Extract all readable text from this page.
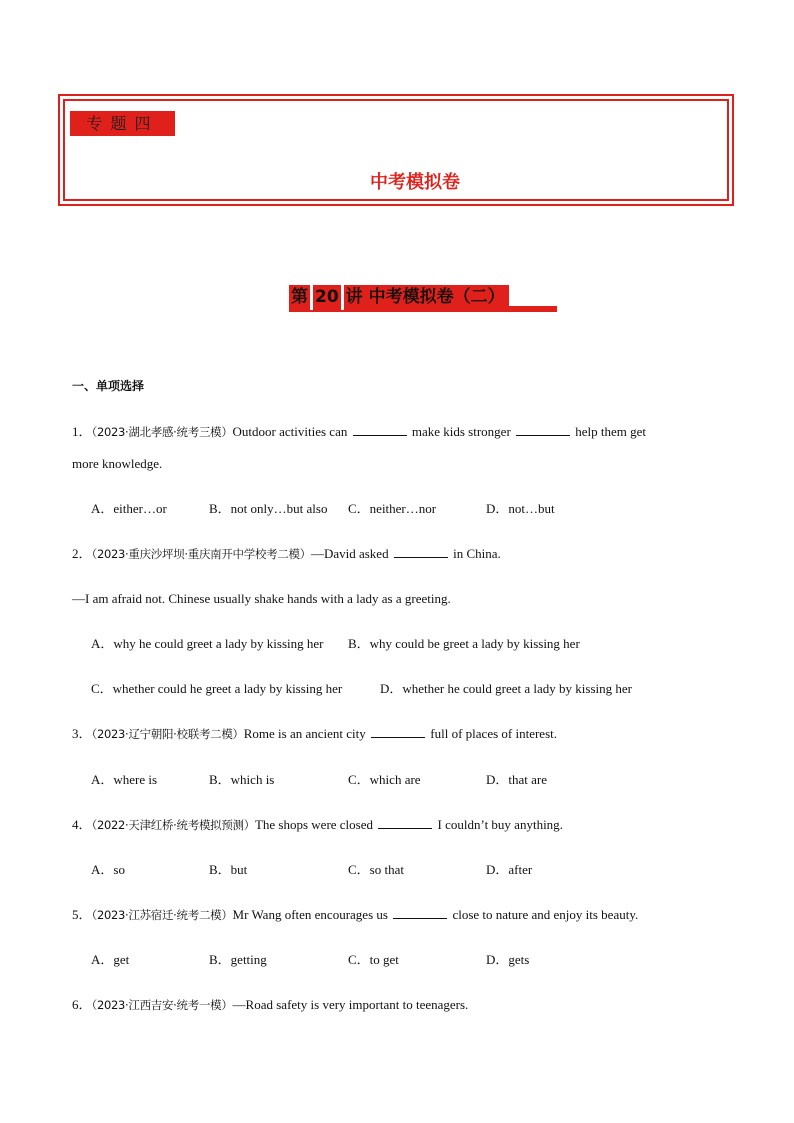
专题四
中考模拟卷
第 20 讲 中考模拟卷（二）
一、单项选择
1．（2023·湖北孝感·统考三模）Outdoor activities can	make kids stronger	help them get
more knowledge.
A．either…or	B．not only…but also C．neither…nor	D．not…but
2．（2023·重庆沙坪坝·重庆南开中学校考二模）—David asked	in China.
—I am afraid not. Chinese usually shake hands with a lady as a greeting.
A．why he could greet a lady by kissing her B．why could be greet a lady by kissing her
C．whether could he greet a lady by kissing her	D．whether he could greet a lady by kissing her
3．（2023·辽宁朝阳·校联考二模）Rome is an ancient city	full of places of interest.
A．where is	B．which is	C．which are	D．that are
4．（2022·天津红桥·统考模拟预测）The shops were closed	I couldn’t buy anything.
A．so	B．but	C．so that	D．after
5．（2023·江苏宿迁·统考二模）Mr Wang often encourages us	close to nature and enjoy its beauty.
A．get	B．getting	C．to get	D．gets
6．（2023·江西吉安·统考一模）—Road safety is very important to teenagers.
